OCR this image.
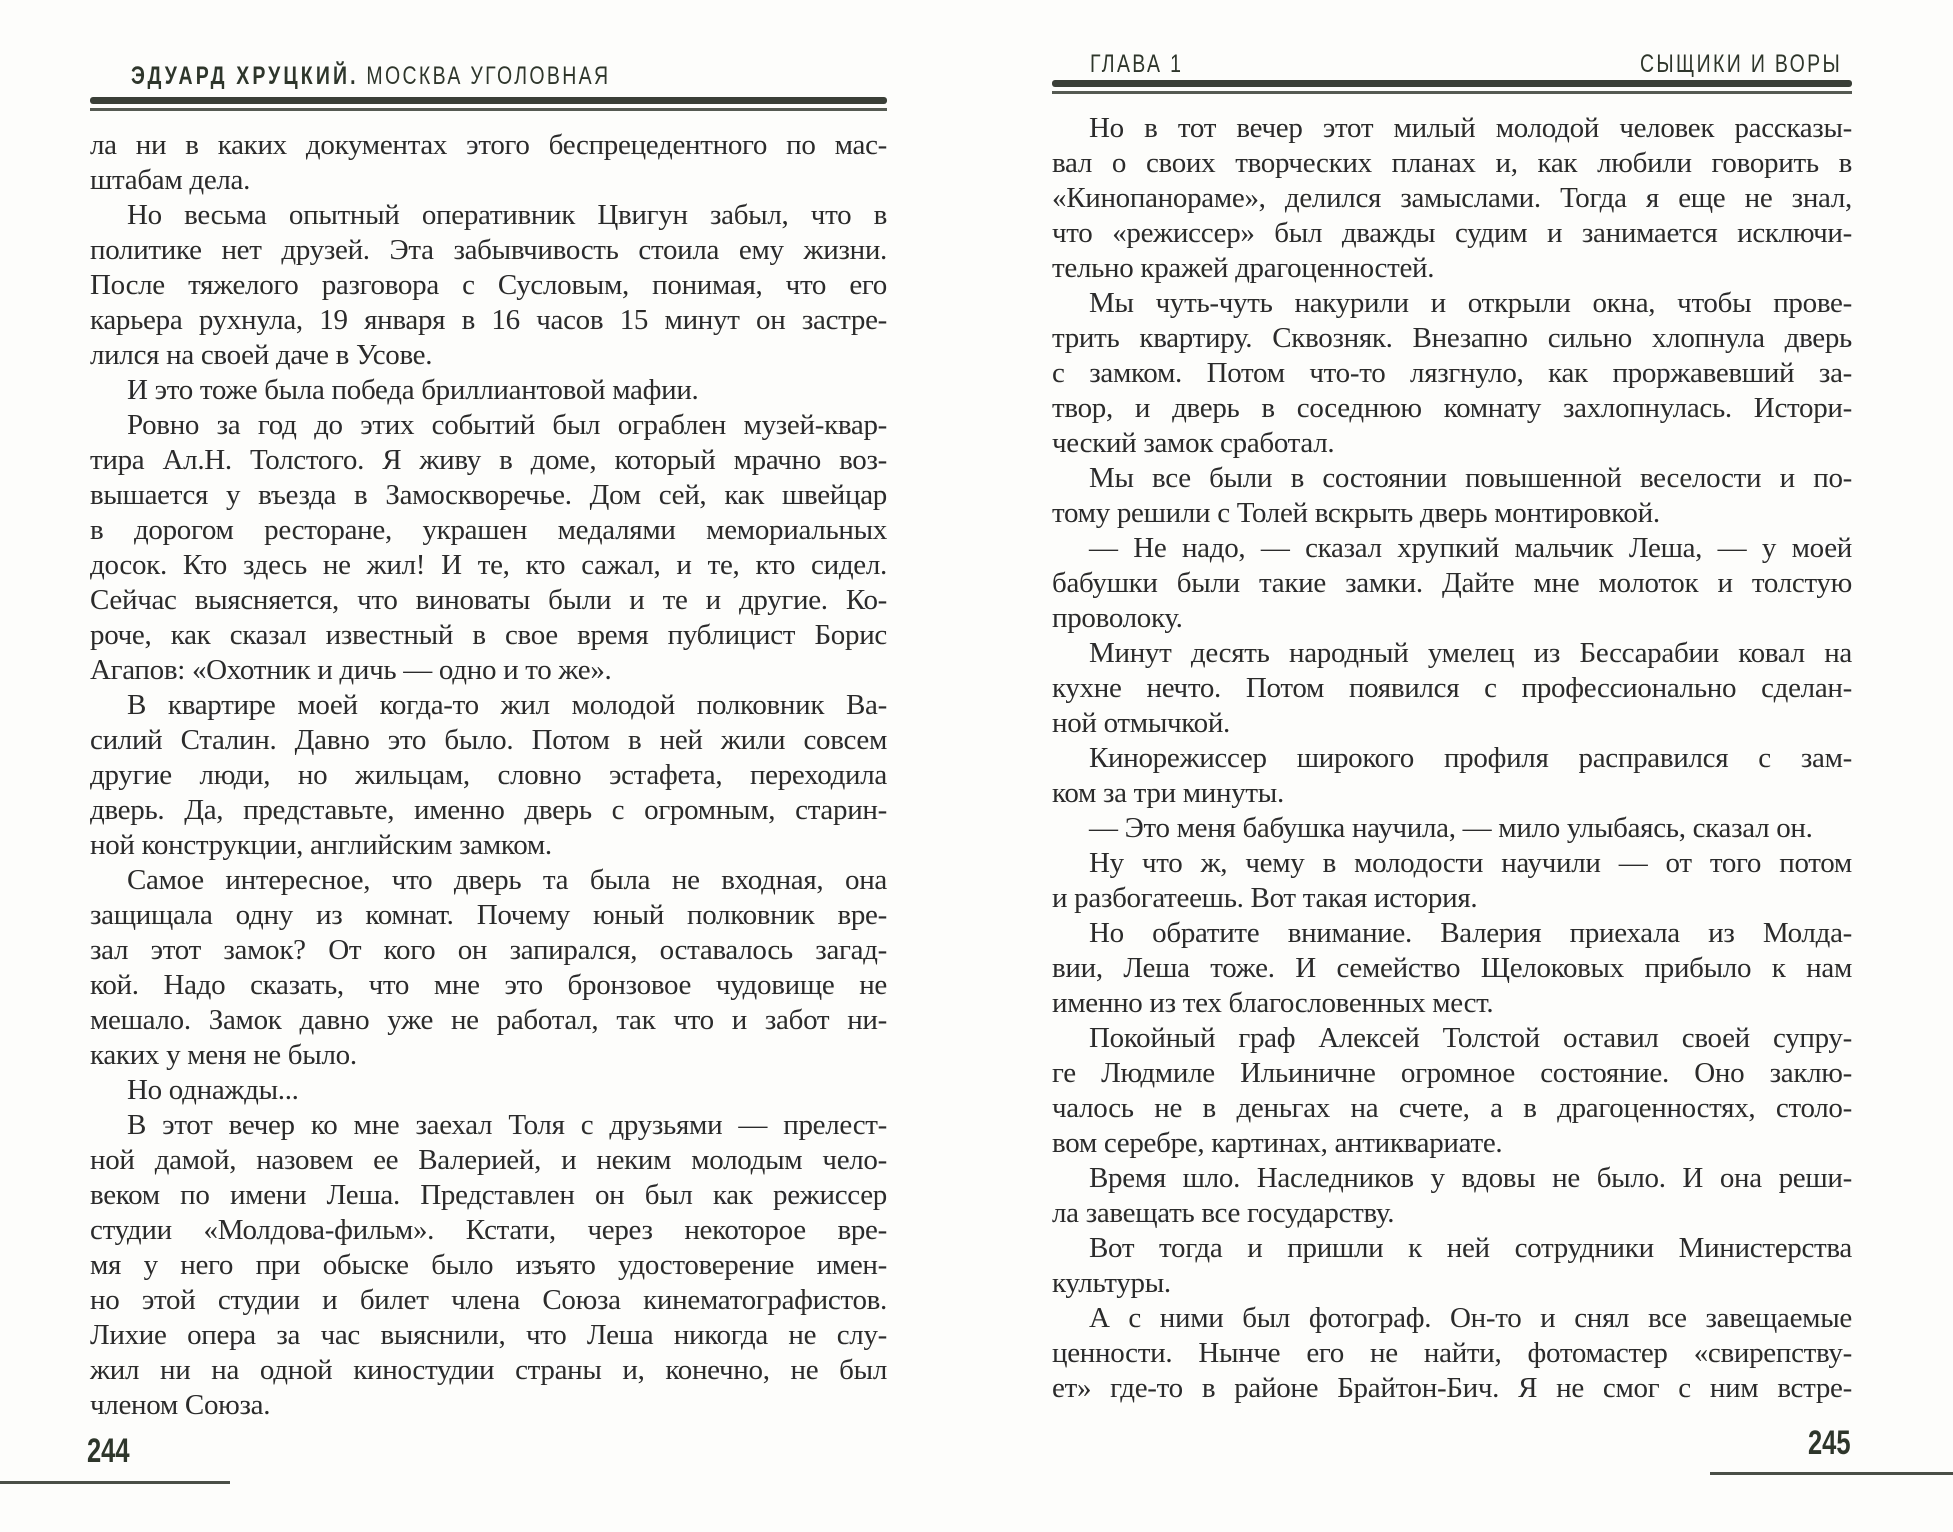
ЭДУАРД ХРУЦКИЙ. МОСКВА УГОЛОВНАЯ	ГЛАВА 1	СЫЩИКИ И ВОРЫ
ла ни в каких документах этого беспрецедентного по мас-
штабам дела.
Но весьма опытный оперативник Цвигун забыл, что в
политике нет друзей. Эта забывчивость стоила ему жизни.
После тяжелого разговора с Сусловым, понимая, что его
карьера рухнула, 19 января в 16 часов 15 минут он застре-
лился на своей даче в Усове.
И это тоже была победа бриллиантовой мафии.
Ровно за год до этих событий был ограблен музей-квар-
тира Ал.Н. Толстого. Я живу в доме, который мрачно воз-
вышается у въезда в Замоскворечье. Дом сей, как швейцар
в дорогом ресторане, украшен медалями мемориальных
досок. Кто здесь не жил! И те, кто сажал, и те, кто сидел.
Сейчас выясняется, что виноваты были и те и другие. Ко-
роче, как сказал известный в свое время публицист Борис
Агапов: «Охотник и дичь — одно и то же».
В квартире моей когда-то жил молодой полковник Ва-
силий Сталин. Давно это было. Потом в ней жили совсем
другие люди, но жильцам, словно эстафета, переходила
дверь. Да, представьте, именно дверь с огромным, старин-
ной конструкции, английским замком.
Самое интересное, что дверь та была не входная, она
защищала одну из комнат. Почему юный полковник вре-
зал этот замок? От кого он запирался, оставалось загад-
кой. Надо сказать, что мне это бронзовое чудовище не
мешало. Замок давно уже не работал, так что и забот ни-
каких у меня не было.
Но однажды...
В этот вечер ко мне заехал Толя с друзьями — прелест-
ной дамой, назовем ее Валерией, и неким молодым чело-
веком по имени Леша. Представлен он был как режиссер
студии «Молдова-фильм». Кстати, через некоторое вре-
мя у него при обыске было изъято удостоверение имен-
но этой студии и билет члена Союза кинематографистов.
Лихие опера за час выяснили, что Леша никогда не слу-
жил ни на одной киностудии страны и, конечно, не был
членом Союза.
Но в тот вечер этот милый молодой человек рассказы-
вал о своих творческих планах и, как любили говорить в
«Кинопанораме», делился замыслами. Тогда я еще не знал,
что «режиссер» был дважды судим и занимается исключи-
тельно кражей драгоценностей.
Мы чуть-чуть накурили и открыли окна, чтобы прове-
трить квартиру. Сквозняк. Внезапно сильно хлопнула дверь
с замком. Потом что-то лязгнуло, как проржавевший за-
твор, и дверь в соседнюю комнату захлопнулась. Истори-
ческий замок сработал.
Мы все были в состоянии повышенной веселости и по-
тому решили с Толей вскрыть дверь монтировкой.
— Не надо, — сказал хрупкий мальчик Леша, — у моей
бабушки были такие замки. Дайте мне молоток и толстую
проволоку.
Минут десять народный умелец из Бессарабии ковал на
кухне нечто. Потом появился с профессионально сделан-
ной отмычкой.
Кинорежиссер широкого профиля расправился с зам-
ком за три минуты.
— Это меня бабушка научила, — мило улыбаясь, сказал он.
Ну что ж, чему в молодости научили — от того потом
и разбогатеешь. Вот такая история.
Но обратите внимание. Валерия приехала из Молда-
вии, Леша тоже. И семейство Щелоковых прибыло к нам
именно из тех благословенных мест.
Покойный граф Алексей Толстой оставил своей супру-
ге Людмиле Ильиничне огромное состояние. Оно заклю-
чалось не в деньгах на счете, а в драгоценностях, столо-
вом серебре, картинах, антиквариате.
Время шло. Наследников у вдовы не было. И она реши-
ла завещать все государству.
Вот тогда и пришли к ней сотрудники Министерства
культуры.
А с ними был фотограф. Он-то и снял все завещаемые
ценности. Нынче его не найти, фотомастер «свирепству-
ет» где-то в районе Брайтон-Бич. Я не смог с ним встре-
244	245
